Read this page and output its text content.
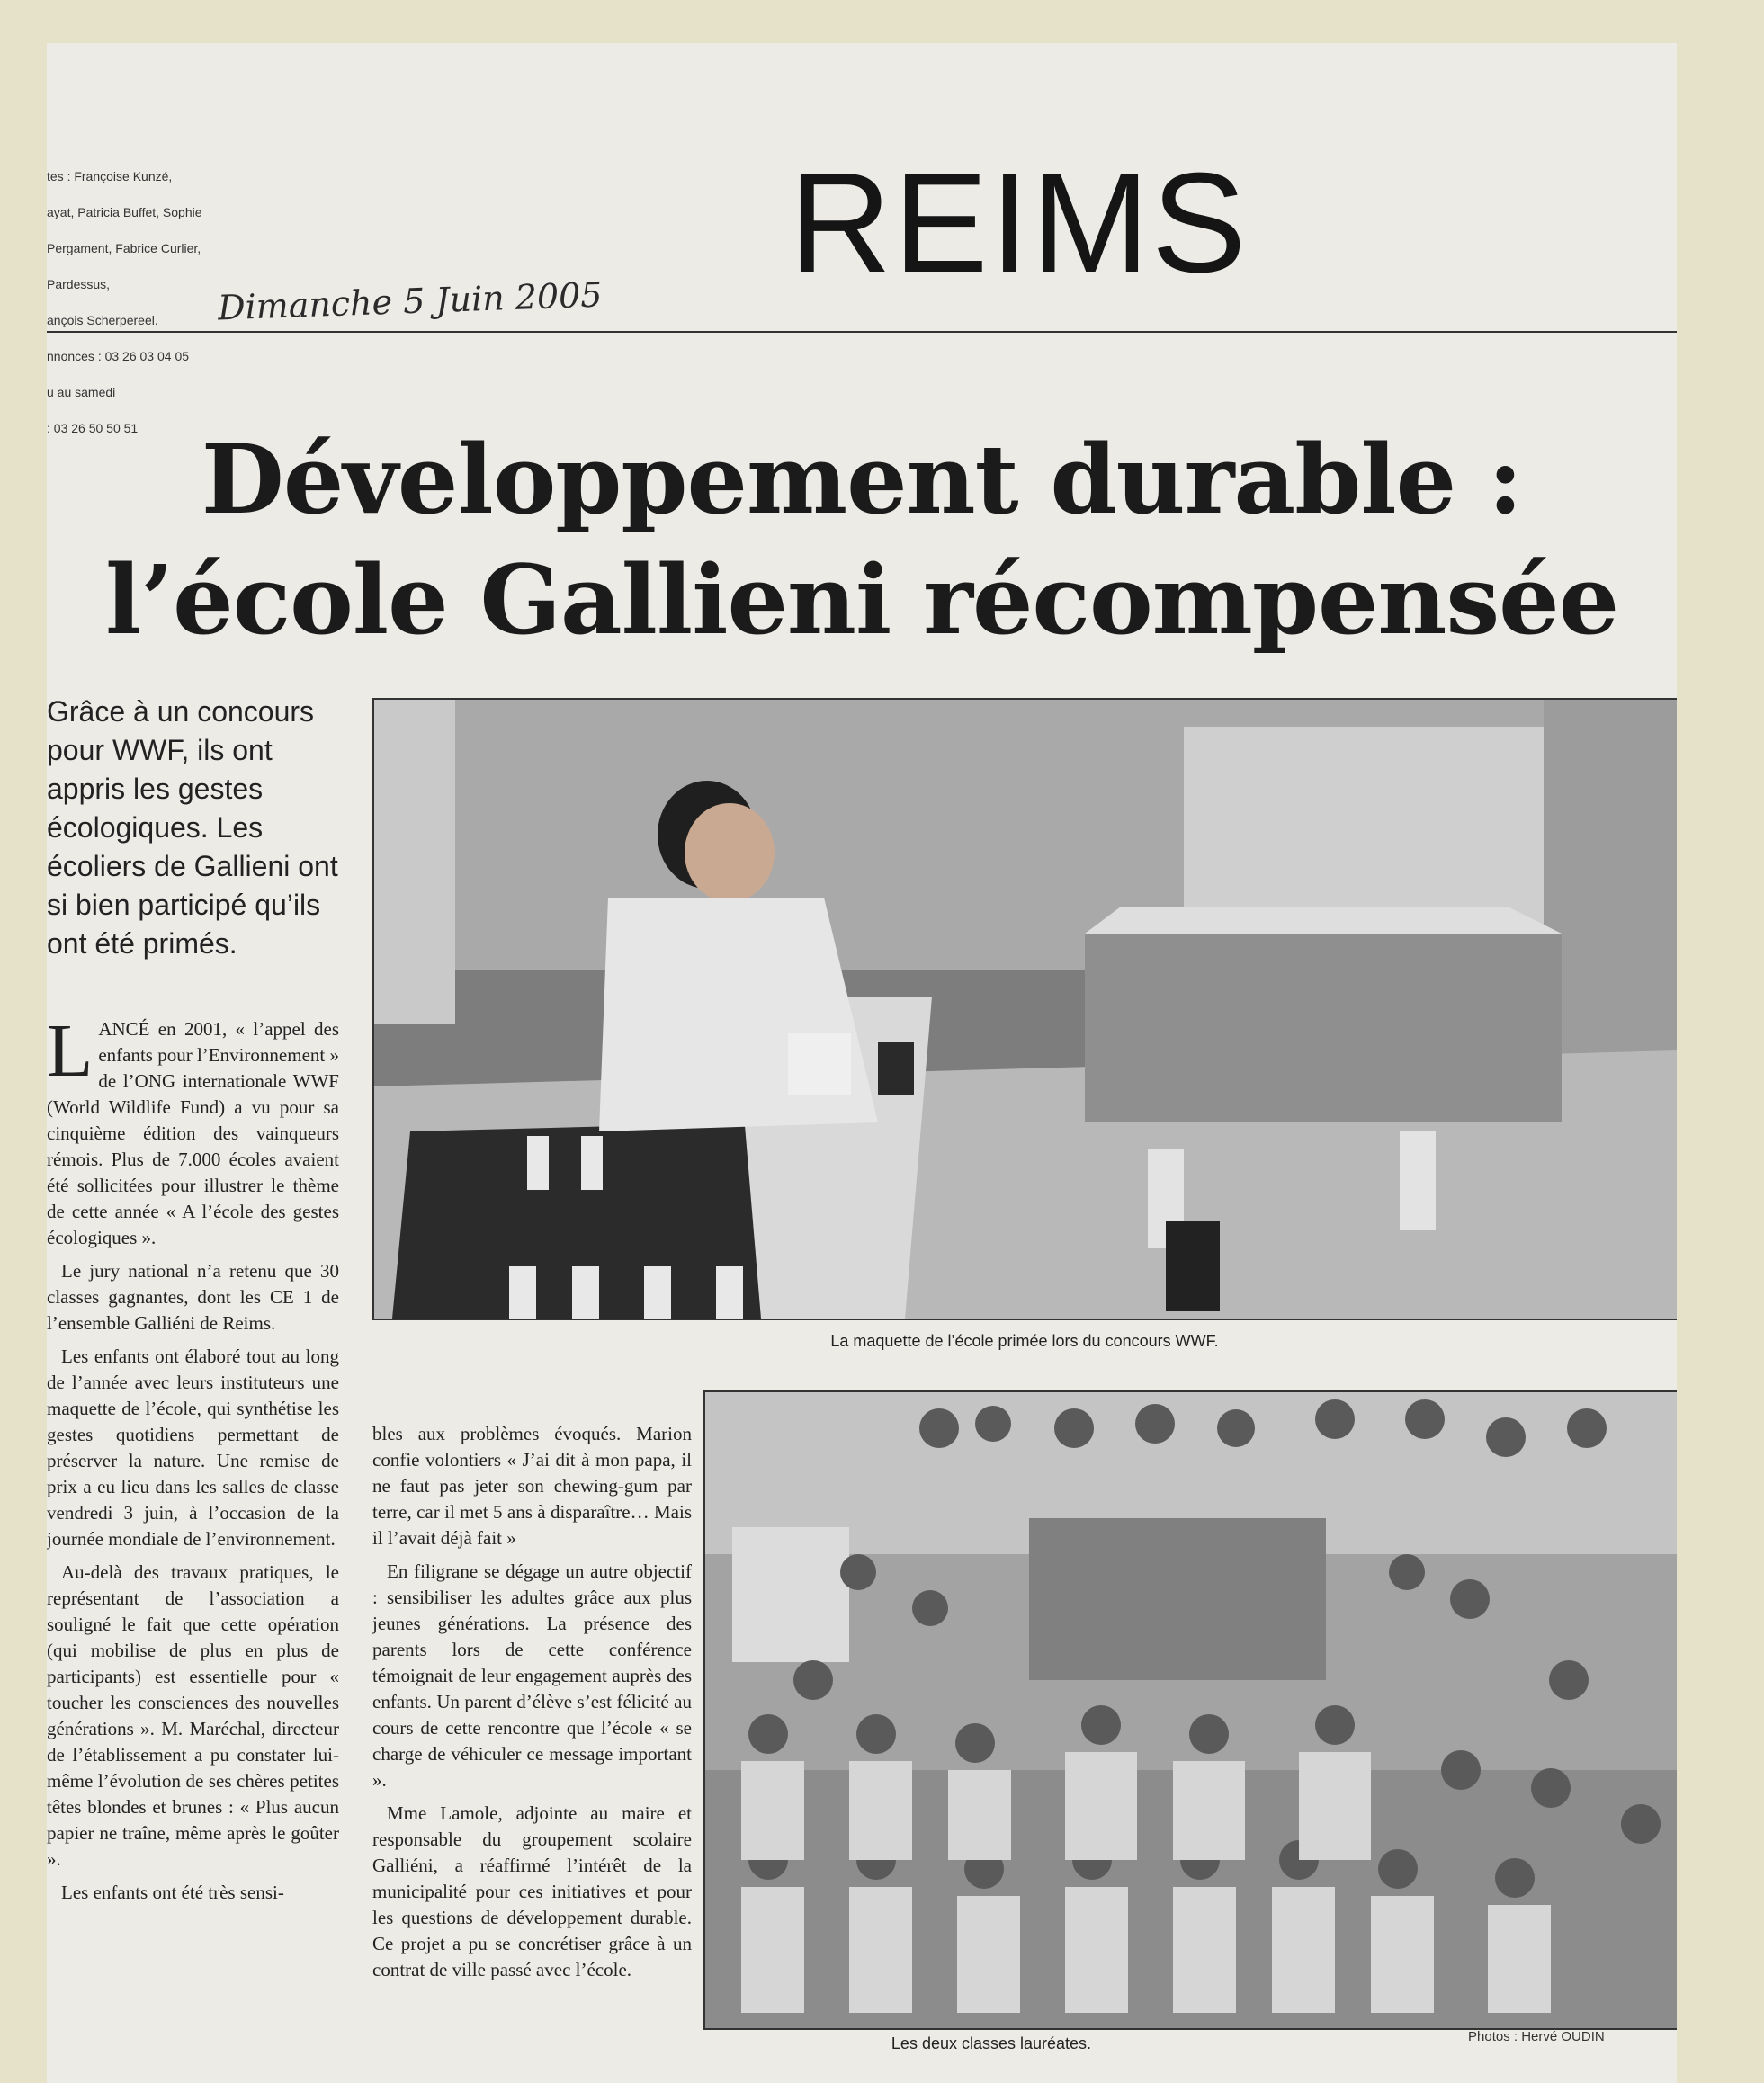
tes : Françoise Kunzé,

ayat, Patricia Buffet, Sophie

Pergament, Fabrice Curlier,

Pardessus,

ançois Scherpereel.

nnonces : 03 26 03 04 05

u au samedi

: 03 26 50 50 51

Dimanche 5 Juin 2005 REIMS
Développement durable :
l’école Gallieni récompensée
Grâce à un concours pour WWF, ils ont appris les gestes écologiques. Les écoliers de Gallieni ont si bien participé qu’ils ont été primés.

LANCÉ en 2001, « l’appel des enfants pour l’Environnement » de l’ONG internationale WWF (World Wildlife Fund) a vu pour sa cinquième édition des vainqueurs rémois. Plus de 7.000 écoles avaient été sollicitées pour illustrer le thème de cette année « A l’école des gestes écologiques ».

Le jury national n’a retenu que 30 classes gagnantes, dont les CE 1 de l’ensemble Galliéni de Reims.

Les enfants ont élaboré tout au long de l’année avec leurs instituteurs une maquette de l’école, qui synthétise les gestes quotidiens permettant de préserver la nature. Une remise de prix a eu lieu dans les salles de classe vendredi 3 juin, à l’occasion de la journée mondiale de l’environnement.

Au-delà des travaux pratiques, le représentant de l’association a souligné le fait que cette opération (qui mobilise de plus en plus de participants) est essentielle pour « toucher les consciences des nouvelles générations ». M. Maréchal, directeur de l’établissement a pu constater lui-même l’évolution de ses chères petites têtes blondes et brunes : « Plus aucun papier ne traîne, même après le goûter ».

Les enfants ont été très sensi-

bles aux problèmes évoqués. Marion confie volontiers « J’ai dit à mon papa, il ne faut pas jeter son chewing-gum par terre, car il met 5 ans à disparaître… Mais il l’avait déjà fait »

En filigrane se dégage un autre objectif : sensibiliser les adultes grâce aux plus jeunes générations. La présence des parents lors de cette conférence témoignait de leur engagement auprès des enfants. Un parent d’élève s’est félicité au cours de cette rencontre que l’école « se charge de véhiculer ce message important ».

Mme Lamole, adjointe au maire et responsable du groupement scolaire Galliéni, a réaffirmé l’intérêt de la municipalité pour ces initiatives et pour les questions de développement durable. Ce projet a pu se concrétiser grâce à un contrat de ville passé avec l’école.

La maquette de l’école primée lors du concours WWF.
Les deux classes lauréates.	Photos : Hervé OUDIN
